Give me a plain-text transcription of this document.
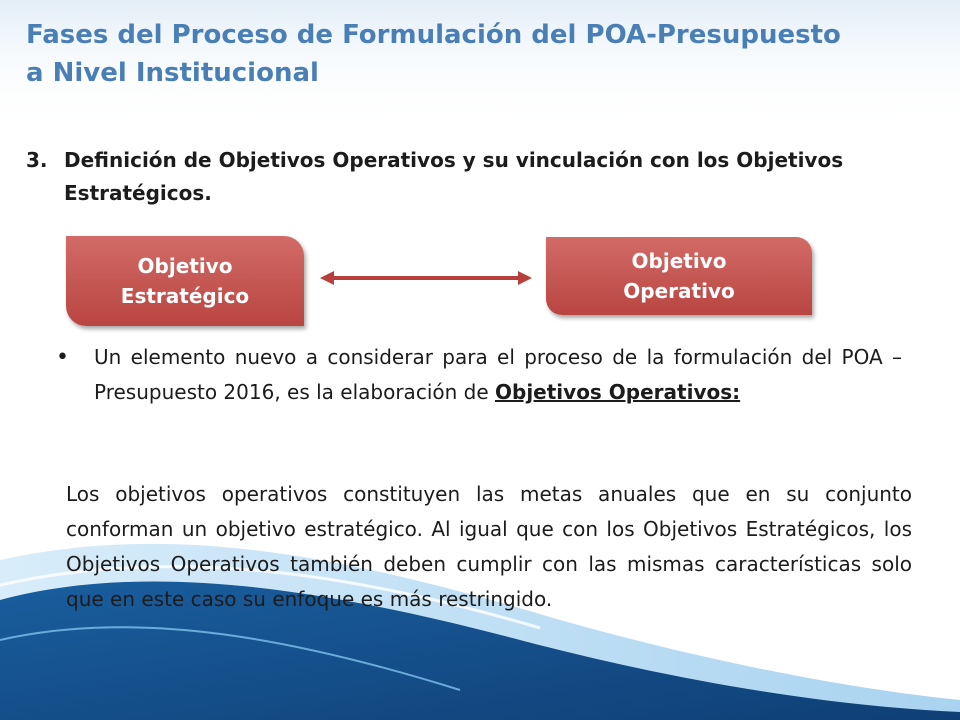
Fases del Proceso de Formulación del POA-Presupuesto
a Nivel Institucional
3. Definición de Objetivos Operativos y su vinculación con los Objetivos Estratégicos.
Objetivo
Estratégico
Objetivo
Operativo
• Un elemento nuevo a considerar para el proceso de la formulación del POA –Presupuesto 2016, es la elaboración de Objetivos Operativos:
Los objetivos operativos constituyen las metas anuales que en su conjunto conforman un objetivo estratégico. Al igual que con los Objetivos Estratégicos, los Objetivos Operativos también deben cumplir con las mismas características solo que en este caso su enfoque es más restringido.
